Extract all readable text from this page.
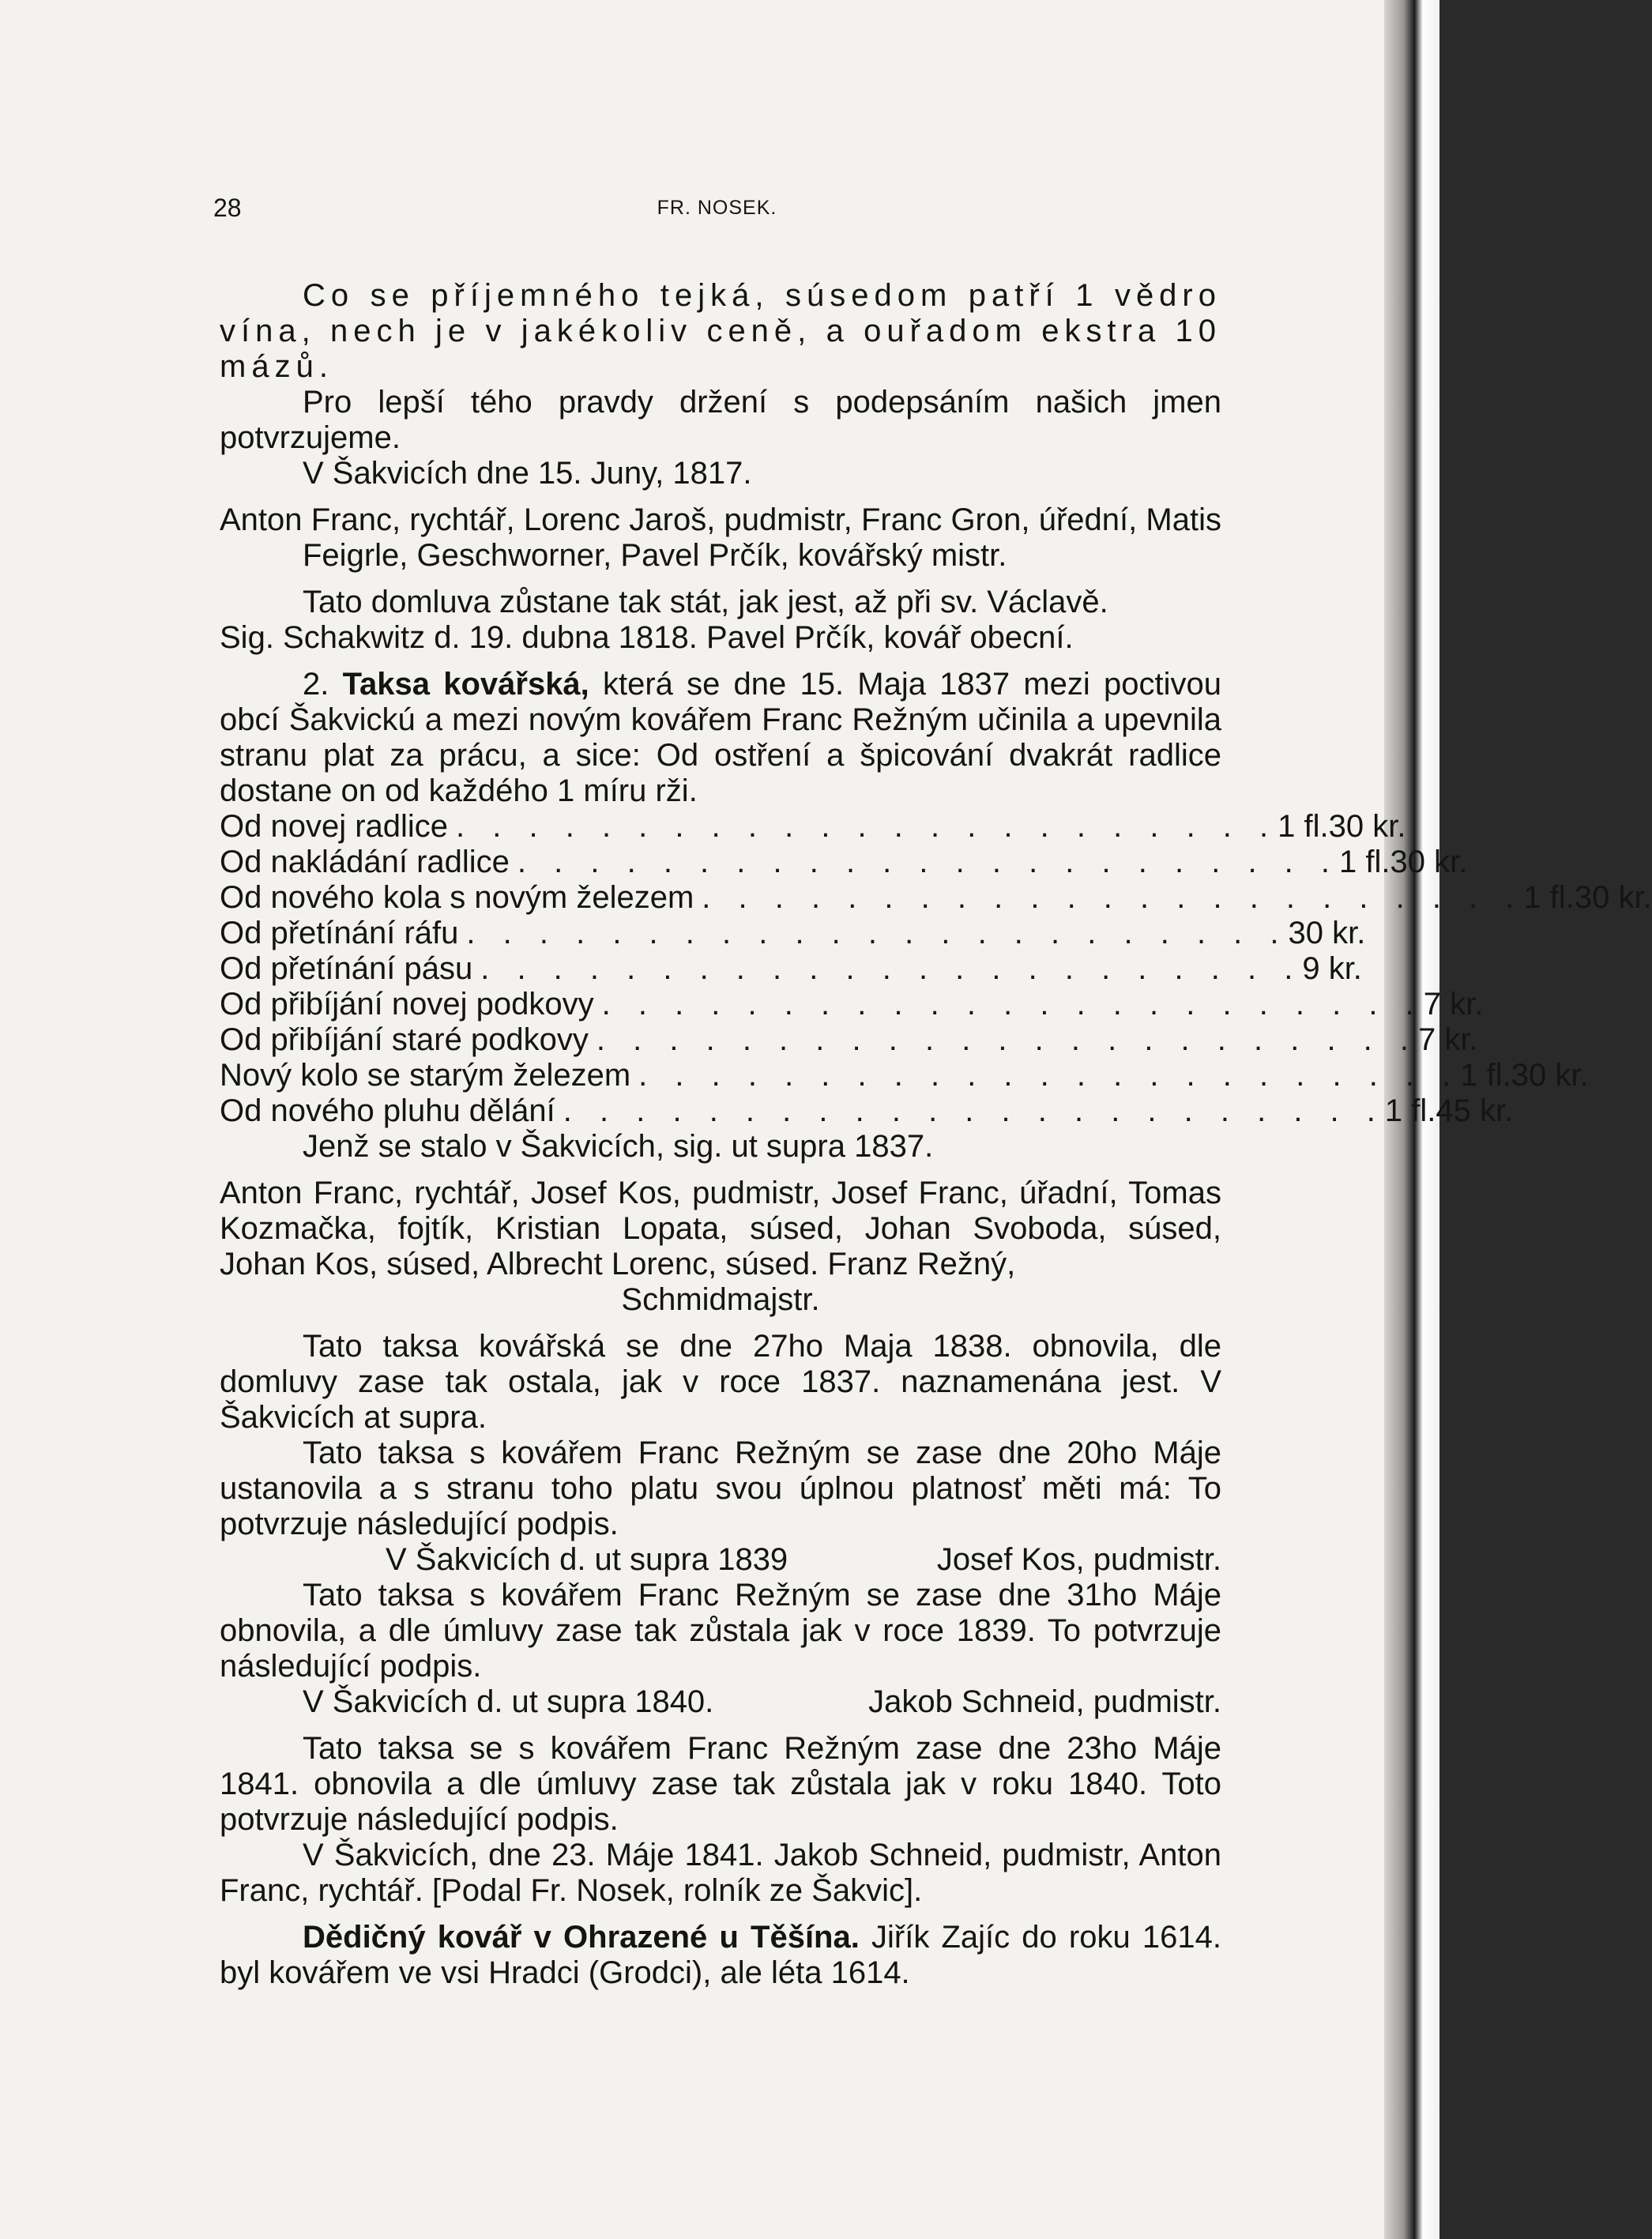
28	FR. NOSEK.

Co se příjemného tejká, súsedom patří 1 vědro vína, nech je v jakékoliv ceně, a ouřadom ekstra 10 mázů.

Pro lepší tého pravdy držení s podepsáním našich jmen potvrzujeme.

V Šakvicích dne 15. Juny, 1817.

Anton Franc, rychtář, Lorenc Jaroš, pudmistr, Franc Gron, úřední, Matis Feigrle, Geschworner, Pavel Prčík, kovářský mistr.

Tato domluva zůstane tak stát, jak jest, až při sv. Václavě.

Sig. Schakwitz d. 19. dubna 1818. Pavel Prčík, kovář obecní.

2. Taksa kovářská, která se dne 15. Maja 1837 mezi poctivou obcí Šakvickú a mezi novým kovářem Franc Režným učinila a upevnila stranu plat za prácu, a sice: Od ostření a špicování dvakrát radlice dostane on od každého 1 míru rži.

Od novej radlice . . . . . . . . . . . . . . . . . . . . . . . 1 fl. 30 kr.
Od nakládání radlice . . . . . . . . . . . . . . . . . . . . . . . 1 fl. 30 kr.
Od nového kola s novým železem . . . . . . . . . . . . . . . . . . . . . . . 1 fl. 30 kr.
Od přetínání ráfu . . . . . . . . . . . . . . . . . . . . . . . 30 kr.
Od přetínání pásu . . . . . . . . . . . . . . . . . . . . . . . 9 kr.
Od přibíjání novej podkovy . . . . . . . . . . . . . . . . . . . . . . . 7 kr.
Od přibíjání staré podkovy . . . . . . . . . . . . . . . . . . . . . . . 7 kr.
Nový kolo se starým železem . . . . . . . . . . . . . . . . . . . . . . . 1 fl. 30 kr.
Od nového pluhu dělání . . . . . . . . . . . . . . . . . . . . . . . 1 fl. 45 kr.

Jenž se stalo v Šakvicích, sig. ut supra 1837.

Anton Franc, rychtář, Josef Kos, pudmistr, Josef Franc, úřadní, Tomas Kozmačka, fojtík, Kristian Lopata, súsed, Johan Svoboda, súsed, Johan Kos, súsed, Albrecht Lorenc, súsed. Franz Režný,

Schmidmajstr.

Tato taksa kovářská se dne 27ho Maja 1838. obnovila, dle domluvy zase tak ostala, jak v roce 1837. naznamenána jest. V Šakvicích at supra.

Tato taksa s kovářem Franc Režným se zase dne 20ho Máje ustanovila a s stranu toho platu svou úplnou platnosť měti má: To potvrzuje následující podpis.

V Šakvicích d. ut supra 1839	Josef Kos, pudmistr.

Tato taksa s kovářem Franc Režným se zase dne 31ho Máje obnovila, a dle úmluvy zase tak zůstala jak v roce 1839. To potvrzuje následující podpis.

V Šakvicích d. ut supra 1840.	Jakob Schneid, pudmistr.

Tato taksa se s kovářem Franc Režným zase dne 23ho Máje 1841. obnovila a dle úmluvy zase tak zůstala jak v roku 1840. Toto potvrzuje následující podpis.

V Šakvicích, dne 23. Máje 1841. Jakob Schneid, pudmistr, Anton Franc, rychtář. [Podal Fr. Nosek, rolník ze Šakvic].

Dědičný kovář v Ohrazené u Těšína. Jiřík Zajíc do roku 1614. byl kovářem ve vsi Hradci (Grodci), ale léta 1614.
